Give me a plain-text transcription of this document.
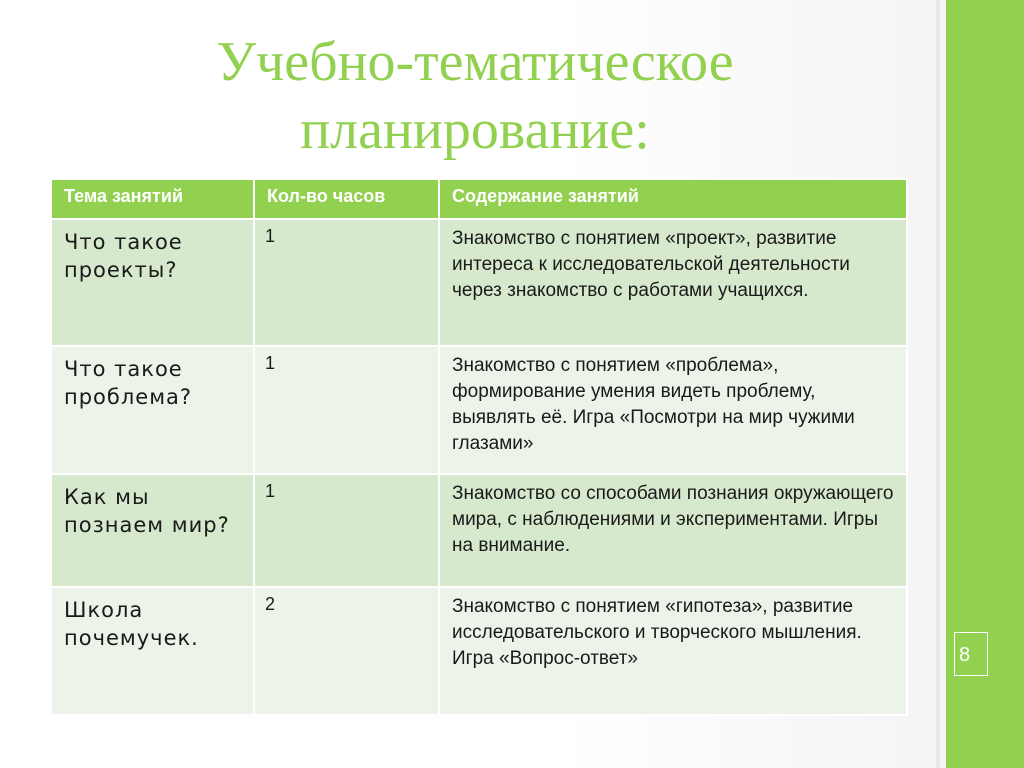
8
Учебно-тематическое планирование:
Тема занятий	Кол-во часов	Содержание занятий
Что такое проекты?	1	Знакомство с понятием «проект», развитие интереса к исследовательской деятельности через знакомство с работами учащихся.
Что такое проблема?	1	Знакомство с понятием «проблема», формирование умения видеть проблему, выявлять её. Игра «Посмотри на мир чужими глазами»
Как мы познаем мир?	1	Знакомство со способами познания окружающего мира, с наблюдениями и экспериментами. Игры на внимание.
Школа почемучек.	2	Знакомство с понятием «гипотеза», развитие исследовательского и творческого мышления. Игра «Вопрос-ответ»
